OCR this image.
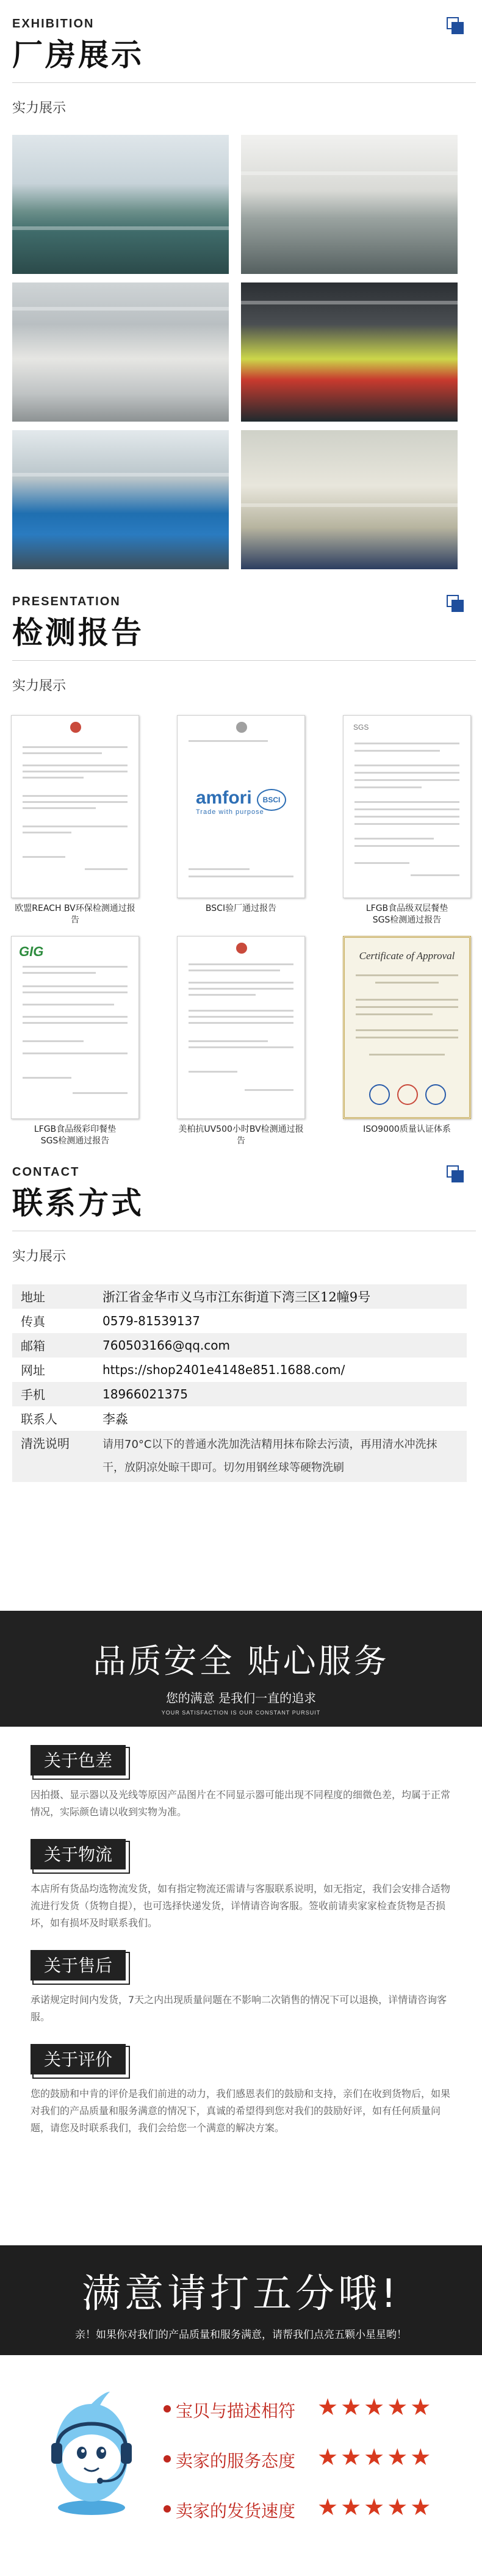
EXHIBITION
厂房展示
实力展示
PRESENTATION
检测报告
实力展示
欧盟REACH BV环保检测通过报告
amfori
Trade with purpose
BSCI
BSCI验厂通过报告
SGS
LFGB食品级双层餐垫
SGS检测通过报告
GIG
LFGB食品级彩印餐垫
SGS检测通过报告
美柏抗UV500小时BV检测通过报告
Certificate of Approval
ISO9000质量认证体系
CONTACT
联系方式
实力展示
地址	浙江省金华市义乌市江东街道下湾三区12幢9号
传真	0579-81539137
邮箱	760503166@qq.com
网址	https://shop2401e4148e851.1688.com/
手机	18966021375
联系人	李淼
清洗说明	请用70°C以下的普通水洗加洗洁精用抹布除去污渍，再用清水冲洗抹干，放阴凉处晾干即可。切勿用钢丝球等硬物洗刷
品质安全 贴心服务
您的满意 是我们一直的追求
YOUR SATISFACTION IS OUR CONSTANT PURSUIT
关于色差

因拍摄、显示器以及光线等原因产品图片在不同显示器可能出现不同程度的细微色差，均属于正常情况，实际颜色请以收到实物为准。

关于物流

本店所有货品均选物流发货，如有指定物流还需请与客服联系说明，如无指定，我们会安排合适物流进行发货（货物自提），也可选择快递发货，详情请咨询客服。签收前请卖家家检查货物是否损坏，如有损坏及时联系我们。

关于售后

承诺规定时间内发货，7天之内出现质量问题在不影响二次销售的情况下可以退换，详情请咨询客服。

关于评价

您的鼓励和中肯的评价是我们前进的动力，我们感恩表们的鼓励和支持，亲们在收到货物后，如果对我们的产品质量和服务满意的情况下，真诚的希望得到您对我们的鼓励好评，如有任何质量问题，请您及时联系我们，我们会给您一个满意的解决方案。

满意请打五分哦!
亲！如果你对我们的产品质量和服务满意，请帮我们点亮五颗小星星哟！
宝贝与描述相符 ★★★★★
卖家的服务态度 ★★★★★
卖家的发货速度 ★★★★★
